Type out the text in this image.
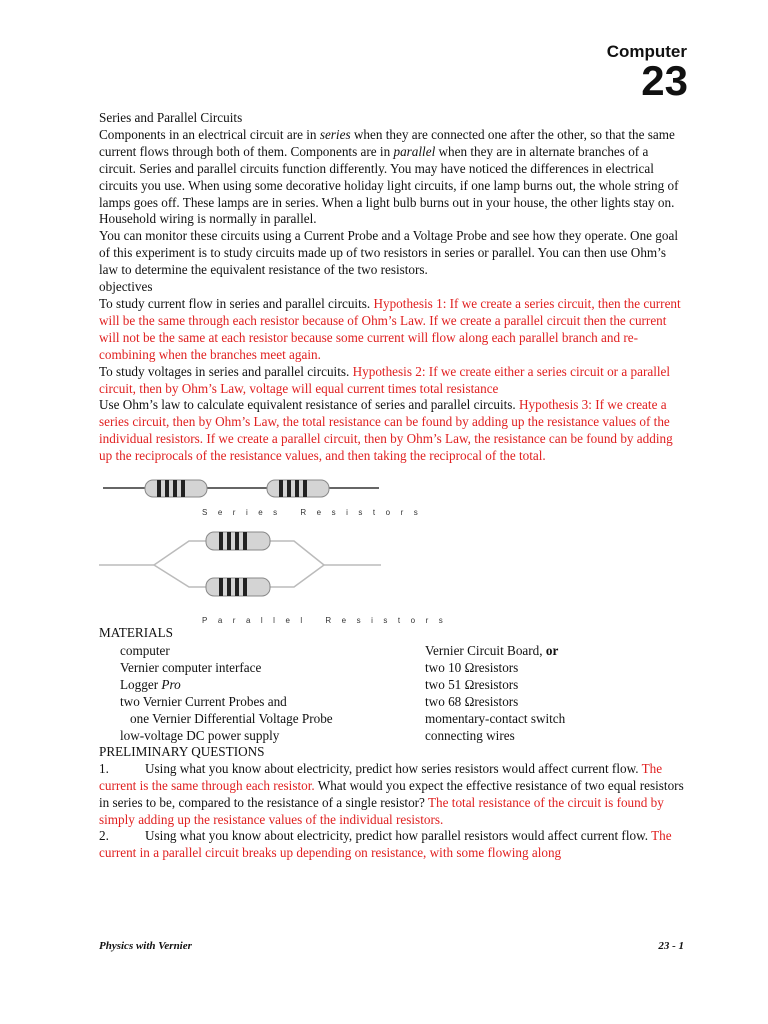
Computer
23

Series and Parallel Circuits

Components in an electrical circuit are in series when they are connected one after the other, so that the same current flows through both of them. Components are in parallel when they are in alternate branches of a circuit. Series and parallel circuits function differently. You may have noticed the differences in electrical circuits you use. When using some decorative holiday light circuits, if one lamp burns out, the whole string of lamps goes off. These lamps are in series. When a light bulb burns out in your house, the other lights stay on. Household wiring is normally in parallel.

You can monitor these circuits using a Current Probe and a Voltage Probe and see how they operate. One goal of this experiment is to study circuits made up of two resistors in series or parallel. You can then use Ohm’s law to determine the equivalent resistance of the two resistors.

objectives

To study current flow in series and parallel circuits. Hypothesis 1: If we create a series circuit, then the current will be the same through each resistor because of Ohm’s Law. If we create a parallel circuit then the current will not be the same at each resistor because some current will flow along each parallel branch and re-combining when the branches meet again.

To study voltages in series and parallel circuits. Hypothesis 2: If we create either a series circuit or a parallel circuit, then by Ohm’s Law, voltage will equal current times total resistance

Use Ohm’s law to calculate equivalent resistance of series and parallel circuits. Hypothesis 3: If we create a series circuit, then by Ohm’s Law, the total resistance can be found by adding up the resistance values of the individual resistors. If we create a parallel circuit, then by Ohm’s Law, the resistance can be found by adding up the reciprocals of the resistance values, and then taking the reciprocal of the total.

Series Resistors
Parallel Resistors

MATERIALS

computer	Vernier Circuit Board, or
Vernier computer interface	two 10 Ωresistors
Logger Pro	two 51 Ωresistors
two Vernier Current Probes and	two 68 Ωresistors
one Vernier Differential Voltage Probe	momentary-contact switch
low-voltage DC power supply	connecting wires

PRELIMINARY QUESTIONS

1.	Using what you know about electricity, predict how series resistors would affect current flow. The current is the same through each resistor. What would you expect the effective resistance of two equal resistors in series to be, compared to the resistance of a single resistor? The total resistance of the circuit is found by simply adding up the resistance values of the individual resistors.

2.	Using what you know about electricity, predict how parallel resistors would affect current flow. The current in a parallel circuit breaks up depending on resistance, with some flowing along

Physics with Vernier	23 - 1
